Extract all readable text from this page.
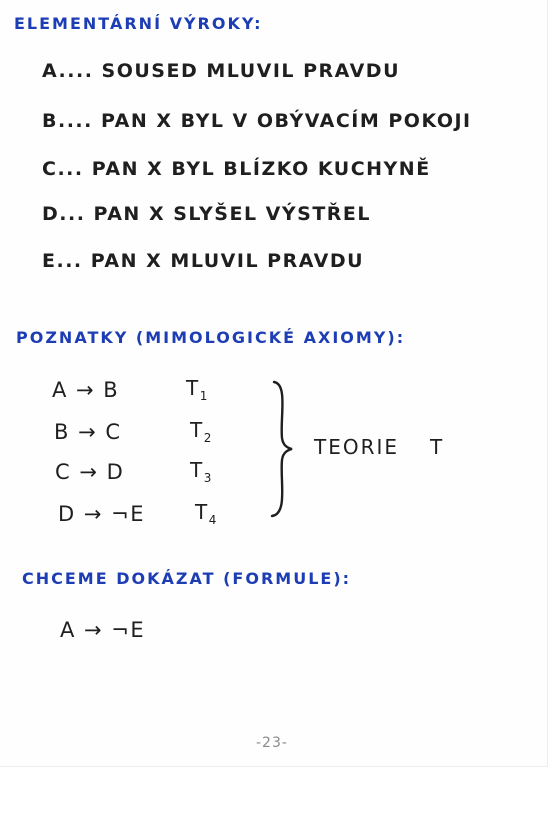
ELEMENTÁRNÍ VÝROKY:
A.... SOUSED MLUVIL PRAVDU
B.... PAN X BYL V OBÝVACÍM POKOJI
C... PAN X BYL BLÍZKO KUCHYNĚ
D... PAN X SLYŠEL VÝSTŘEL
E... PAN X MLUVIL PRAVDU
POZNATKY (MIMOLOGICKÉ AXIOMY):
A → B
B → C
C → D
D → ¬E
$T_1$
$T_2$
$T_3$
$T_4$
TEORIE T
CHCEME DOKÁZAT (FORMULE):
A → ¬E
-23-
